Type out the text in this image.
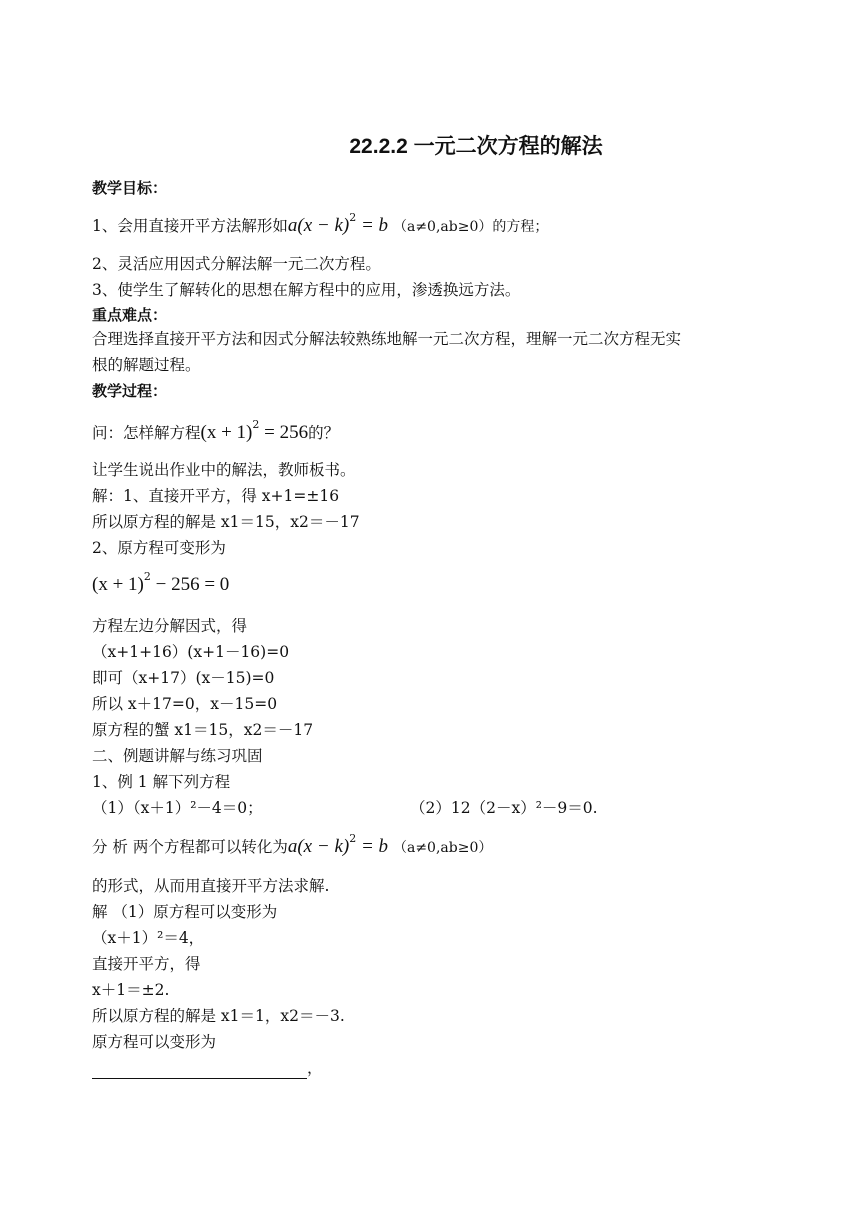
22.2.2 一元二次方程的解法
教学目标：
1、会用直接开平方法解形如$a(x - k)^2 = b$ （a≠0,ab≥0）的方程；
2、灵活应用因式分解法解一元二次方程。
3、使学生了解转化的思想在解方程中的应用，渗透换远方法。
重点难点：
合理选择直接开平方法和因式分解法较熟练地解一元二次方程，理解一元二次方程无实
根的解题过程。
教学过程：
问：怎样解方程$(x + 1)^2 = 256$的？
让学生说出作业中的解法，教师板书。
解：1、直接开平方，得 x+1=±16
所以原方程的解是 x1＝15，x2＝－17
2、原方程可变形为
$(x + 1)^2 - 256 = 0$
方程左边分解因式，得
（x+1+16）(x+1－16)=0
即可（x+17）(x－15)=0
所以 x＋17=0，x－15=0
原方程的蟹 x1＝15，x2＝－17
二、例题讲解与练习巩固
1、例 1 解下列方程
（1）（x＋1）²－4＝0；	（2）12（2－x）²－9＝0.
分 析 两个方程都可以转化为$a(x - k)^2 = b$ （a≠0,ab≥0）
的形式，从而用直接开平方法求解.
解 （1）原方程可以变形为
（x＋1）²＝4，
直接开平方，得
x＋1＝±2.
所以原方程的解是 x1＝1，x2＝－3.
原方程可以变形为
，
